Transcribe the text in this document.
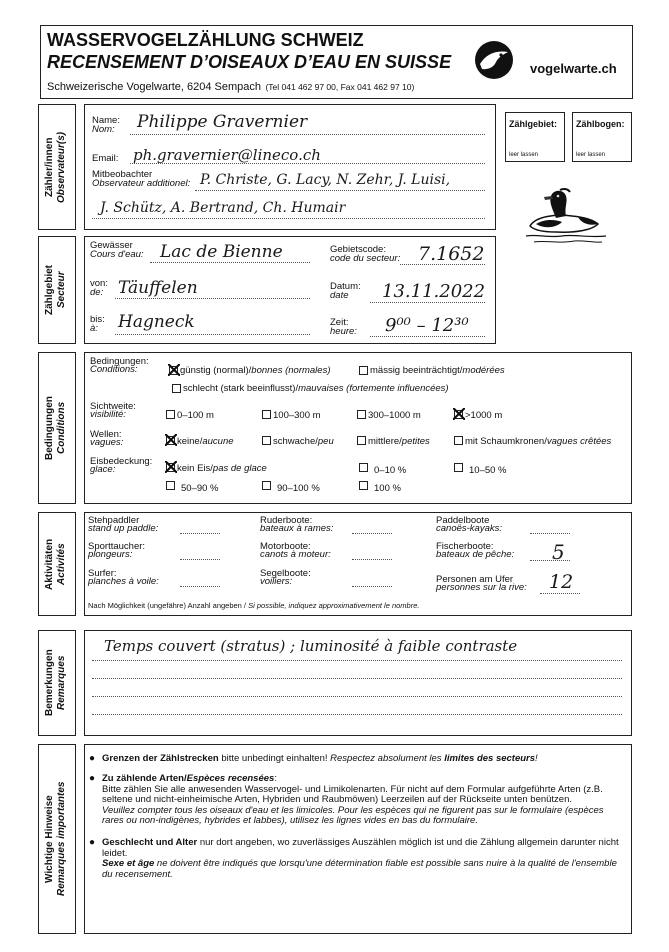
WASSERVOGELZÄHLUNG SCHWEIZ
RECENSEMENT D’OISEAUX D’EAU EN SUISSE
Schweizerische Vogelwarte, 6204 Sempach (Tel 041 462 97 00, Fax 041 462 97 10)
vogelwarte.ch
Zähler/innen
Observateur(s)
Name:
Nom: Philippe Gravernier
Email: ph.gravernier@lineco.ch
Mitbeobachter
Observateur additionel: P. Christe, G. Lacy, N. Zehr, J. Luisi,
J. Schütz, A. Bertrand, Ch. Humair
Zählgebiet:
leer lassen
Zählbogen:
leer lassen
Zählgebiet
Secteur
Gewässer
Cours d'eau: Lac de Bienne	Gebietscode:
code du secteur: 7.1652
von:
de: Täuffelen	Datum:
date 13.11.2022
bis:
à: Hagneck	Zeit:
heure: 9⁰⁰ – 12³⁰
Bedingungen
Conditions
Bedingungen:
Conditions:	günstig (normal)/bonnes (normales)	mässig beeinträchtigt/modérées
schlecht (stark beeinflusst)/mauvaises (fortemente influencées)
Sichtweite:
visibilité:	0–100 m	100–300 m	300–1000 m	>1000 m
Wellen:
vagues:	keine/aucune	schwache/peu	mittlere/petites	mit Schaumkronen/vagues crêtées
Eisbedeckung:
glace:	kein Eis/pas de glace	0–10 %	10–50 %
50–90 %	90–100 %	100 %
Aktivitäten
Activités
Stehpaddler
stand up paddle:
Sporttaucher:
plongeurs:
Surfer:
planches à voile:
Ruderboote:
bateaux à rames:
Motorboote:
canots à moteur:
Segelboote:
voiliers:
Paddelboote
canoës-kayaks:
Fischerboote:
bateaux de pêche: 5
Personen am Ufer
personnes sur la rive: 12
Nach Möglichkeit (ungefähre) Anzahl angeben / Si possible, indiquez approximativement le nombre.
Bemerkungen
Remarques
Temps couvert (stratus) ; luminosité à faible contraste
Wichtige Hinweise
Remarques importantes
● Grenzen der Zählstrecken bitte unbedingt einhalten! Respectez absolument les limites des secteurs!
● Zu zählende Arten/Espèces recensées:
Bitte zählen Sie alle anwesenden Wasservogel- und Limikolenarten. Für nicht auf dem Formular aufgeführte Arten (z.B. seltene und nicht-einheimische Arten, Hybriden und Raubmöwen) Leerzeilen auf der Rückseite unten benützen.
Veuillez compter tous les oiseaux d'eau et les limicoles. Pour les espèces qui ne figurent pas sur le formulaire (espèces rares ou non-indigènes, hybrides et labbes), utilisez les lignes vides en bas du formulaire.
● Geschlecht und Alter nur dort angeben, wo zuverlässiges Auszählen möglich ist und die Zählung allgemein darunter nicht leidet.
Sexe et âge ne doivent être indiqués que lorsqu'une détermination fiable est possible sans nuire à la qualité de l'ensemble du recensement.
